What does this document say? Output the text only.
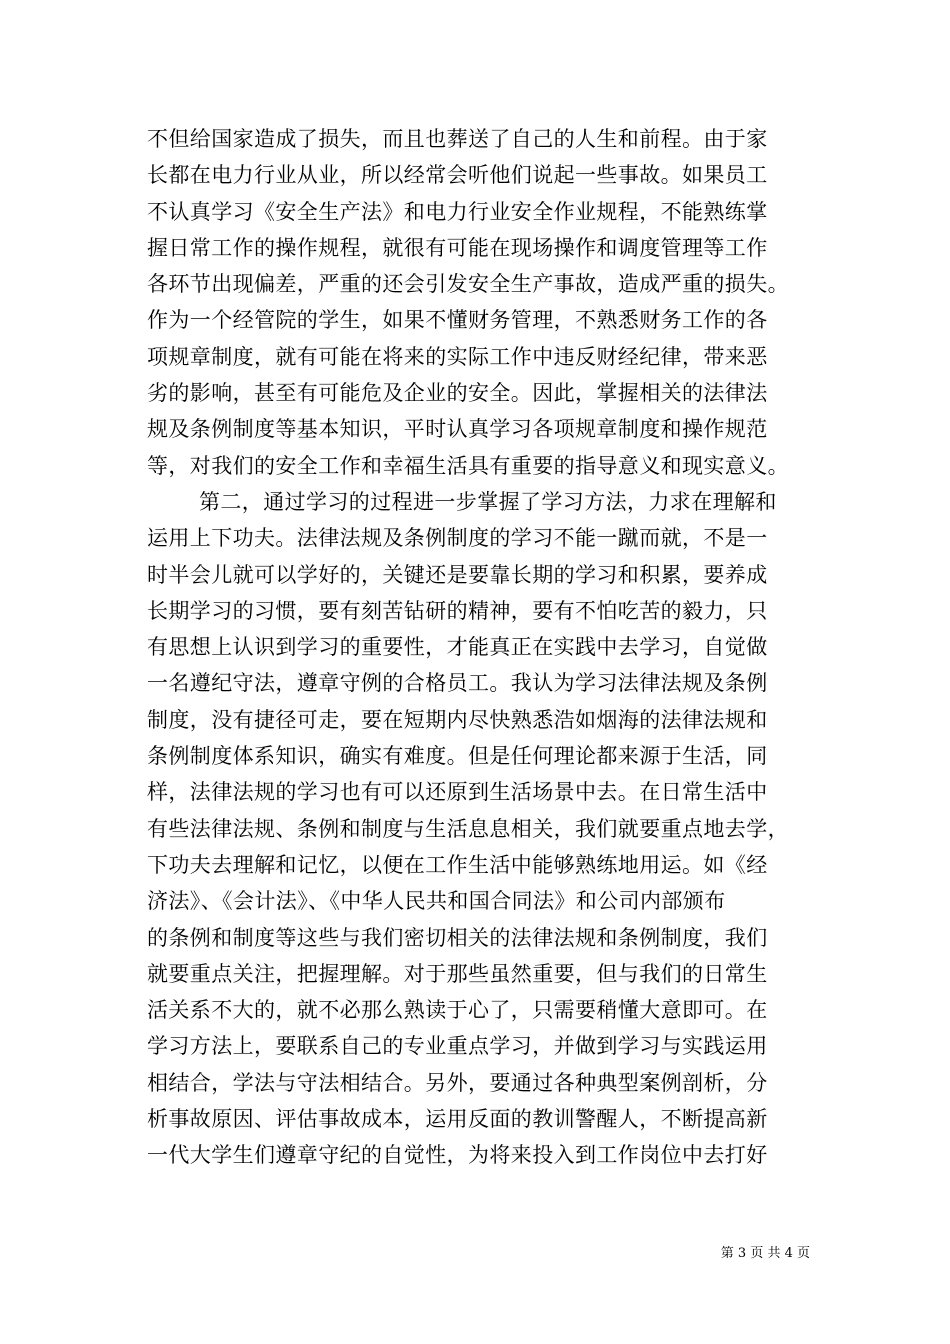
不但给国家造成了损失，而且也葬送了自己的人生和前程。由于家
长都在电力行业从业，所以经常会听他们说起一些事故。如果员工
不认真学习《安全生产法》和电力行业安全作业规程，不能熟练掌
握日常工作的操作规程，就很有可能在现场操作和调度管理等工作
各环节出现偏差，严重的还会引发安全生产事故，造成严重的损失。
作为一个经管院的学生，如果不懂财务管理，不熟悉财务工作的各
项规章制度，就有可能在将来的实际工作中违反财经纪律，带来恶
劣的影响，甚至有可能危及企业的安全。因此，掌握相关的法律法
规及条例制度等基本知识，平时认真学习各项规章制度和操作规范
等，对我们的安全工作和幸福生活具有重要的指导意义和现实意义。
第二，通过学习的过程进一步掌握了学习方法，力求在理解和
运用上下功夫。法律法规及条例制度的学习不能一蹴而就，不是一
时半会儿就可以学好的，关键还是要靠长期的学习和积累，要养成
长期学习的习惯，要有刻苦钻研的精神，要有不怕吃苦的毅力，只
有思想上认识到学习的重要性，才能真正在实践中去学习，自觉做
一名遵纪守法，遵章守例的合格员工。我认为学习法律法规及条例
制度，没有捷径可走，要在短期内尽快熟悉浩如烟海的法律法规和
条例制度体系知识，确实有难度。但是任何理论都来源于生活，同
样，法律法规的学习也有可以还原到生活场景中去。在日常生活中
有些法律法规、条例和制度与生活息息相关，我们就要重点地去学，
下功夫去理解和记忆，以便在工作生活中能够熟练地用运。如《经
济法》、《会计法》、《中华人民共和国合同法》和公司内部颁布
的条例和制度等这些与我们密切相关的法律法规和条例制度，我们
就要重点关注，把握理解。对于那些虽然重要，但与我们的日常生
活关系不大的，就不必那么熟读于心了，只需要稍懂大意即可。在
学习方法上，要联系自己的专业重点学习，并做到学习与实践运用
相结合，学法与守法相结合。另外，要通过各种典型案例剖析，分
析事故原因、评估事故成本，运用反面的教训警醒人，不断提高新
一代大学生们遵章守纪的自觉性，为将来投入到工作岗位中去打好
第 3 页 共 4 页
